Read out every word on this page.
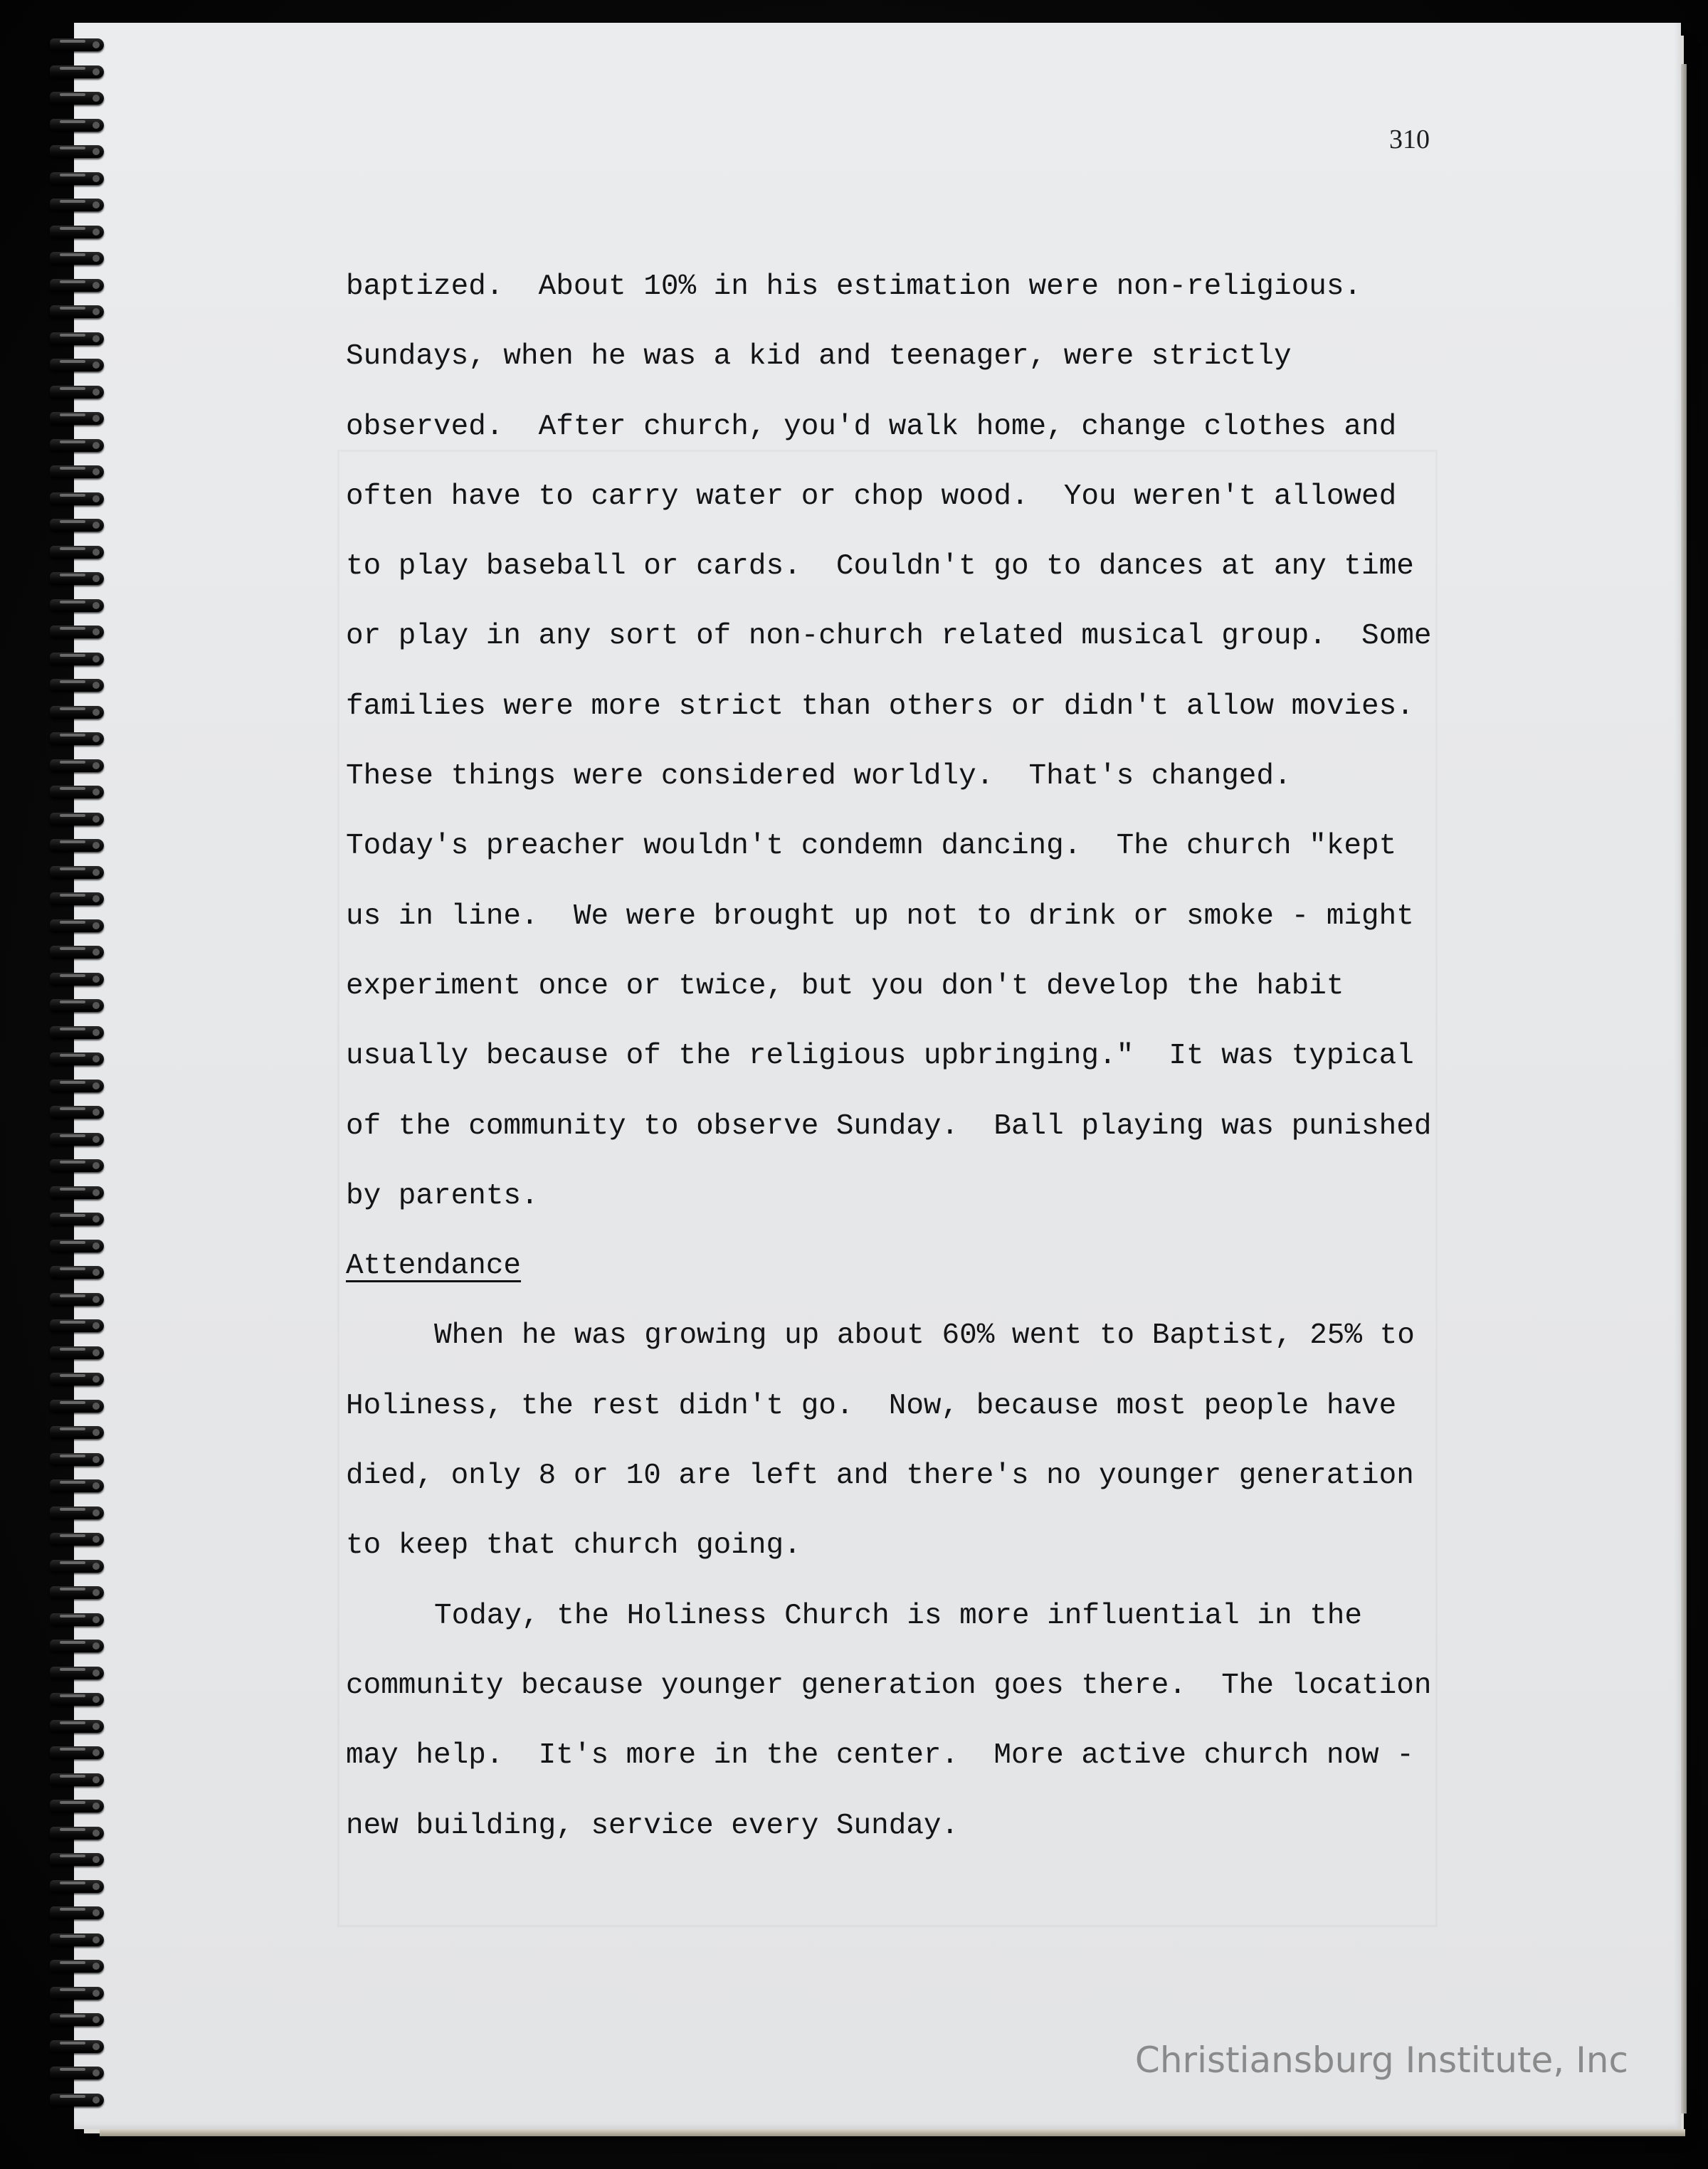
310

baptized.  About 10% in his estimation were non-religious.

Sundays, when he was a kid and teenager, were strictly

observed.  After church, you'd walk home, change clothes and

often have to carry water or chop wood.  You weren't allowed

to play baseball or cards.  Couldn't go to dances at any time

or play in any sort of non-church related musical group.  Some

families were more strict than others or didn't allow movies.

These things were considered worldly.  That's changed.

Today's preacher wouldn't condemn dancing.  The church "kept

us in line.  We were brought up not to drink or smoke - might

experiment once or twice, but you don't develop the habit

usually because of the religious upbringing."  It was typical

of the community to observe Sunday.  Ball playing was punished

by parents.

Attendance

When he was growing up about 60% went to Baptist, 25% to

Holiness, the rest didn't go.  Now, because most people have

died, only 8 or 10 are left and there's no younger generation

to keep that church going.

Today, the Holiness Church is more influential in the

community because younger generation goes there.  The location

may help.  It's more in the center.  More active church now -

new building, service every Sunday.

Christiansburg Institute, Inc
